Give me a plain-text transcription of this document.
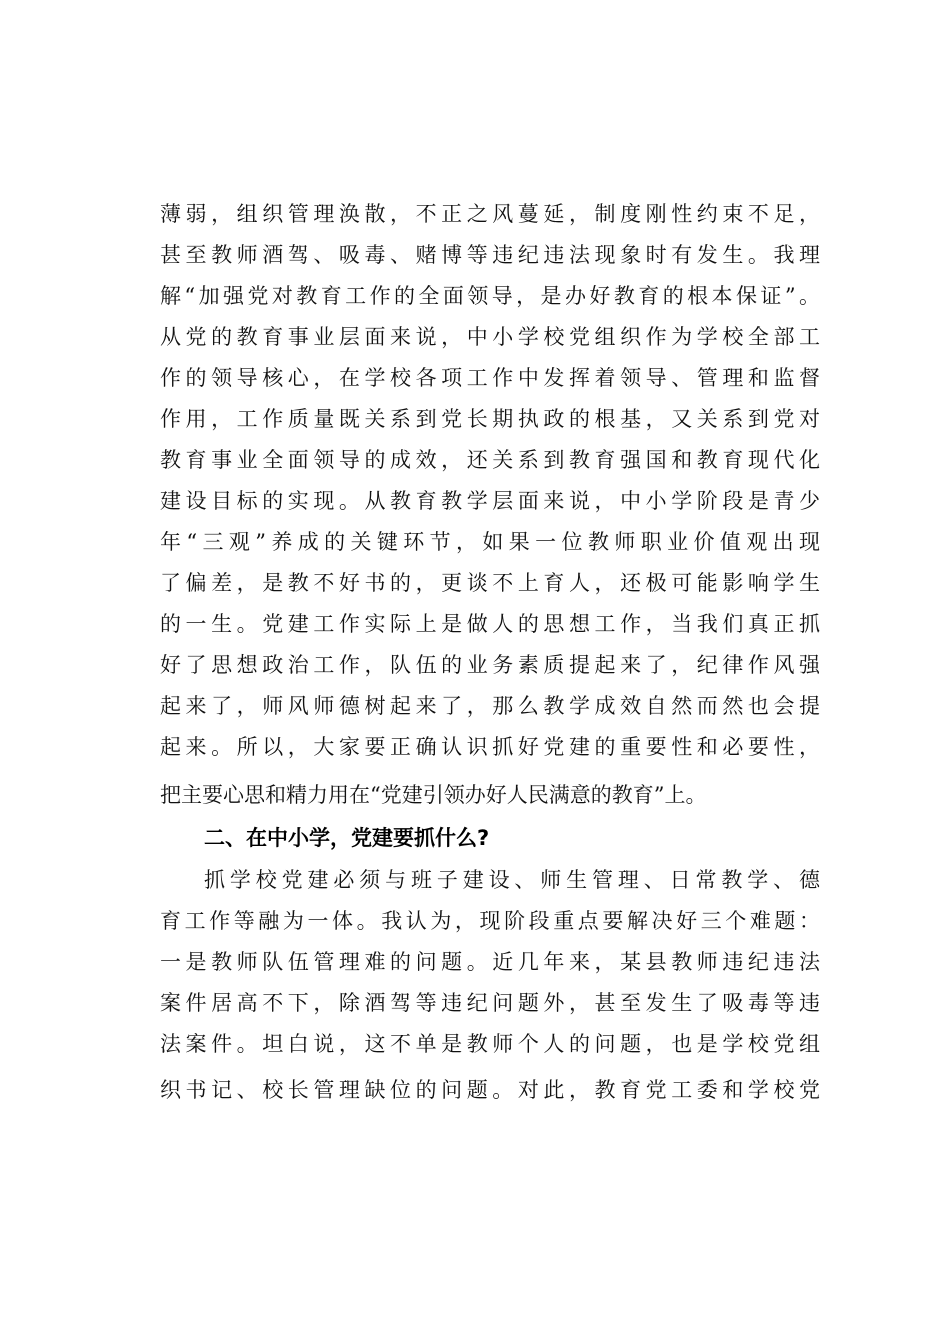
薄弱，组织管理涣散，不正之风蔓延，制度刚性约束不足，
甚至教师酒驾、吸毒、赌博等违纪违法现象时有发生。我理
解“加强党对教育工作的全面领导，是办好教育的根本保证”。
从党的教育事业层面来说，中小学校党组织作为学校全部工
作的领导核心，在学校各项工作中发挥着领导、管理和监督
作用，工作质量既关系到党长期执政的根基，又关系到党对
教育事业全面领导的成效，还关系到教育强国和教育现代化
建设目标的实现。从教育教学层面来说，中小学阶段是青少
年“三观”养成的关键环节，如果一位教师职业价值观出现
了偏差，是教不好书的，更谈不上育人，还极可能影响学生
的一生。党建工作实际上是做人的思想工作，当我们真正抓
好了思想政治工作，队伍的业务素质提起来了，纪律作风强
起来了，师风师德树起来了，那么教学成效自然而然也会提
起来。所以，大家要正确认识抓好党建的重要性和必要性，
把主要心思和精力用在“党建引领办好人民满意的教育”上。
二、在中小学，党建要抓什么?
抓学校党建必须与班子建设、师生管理、日常教学、德
育工作等融为一体。我认为，现阶段重点要解决好三个难题：
一是教师队伍管理难的问题。近几年来，某县教师违纪违法
案件居高不下，除酒驾等违纪问题外，甚至发生了吸毒等违
法案件。坦白说，这不单是教师个人的问题，也是学校党组
织书记、校长管理缺位的问题。对此，教育党工委和学校党
